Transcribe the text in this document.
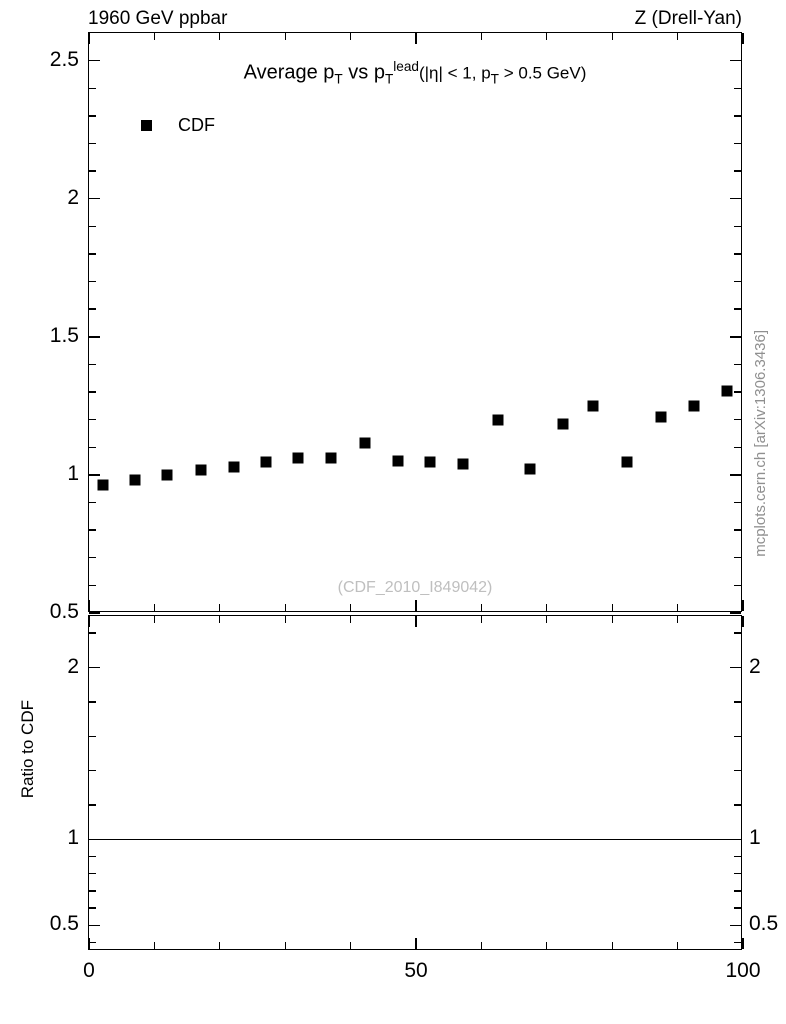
1960 GeV ppbar	Z (Drell-Yan)
mcplots.cern.ch [arXiv:1306.3436]
Ratio to CDF
Average $p_T$ vs $p_T^{lead}(|\eta| < 1$, $p_T > 0.5$ GeV)
CDF
(CDF_2010_I849042)
0.5
1
1.5
2
2.5
0.5	0.5
1	1
2	2
0	50	100
